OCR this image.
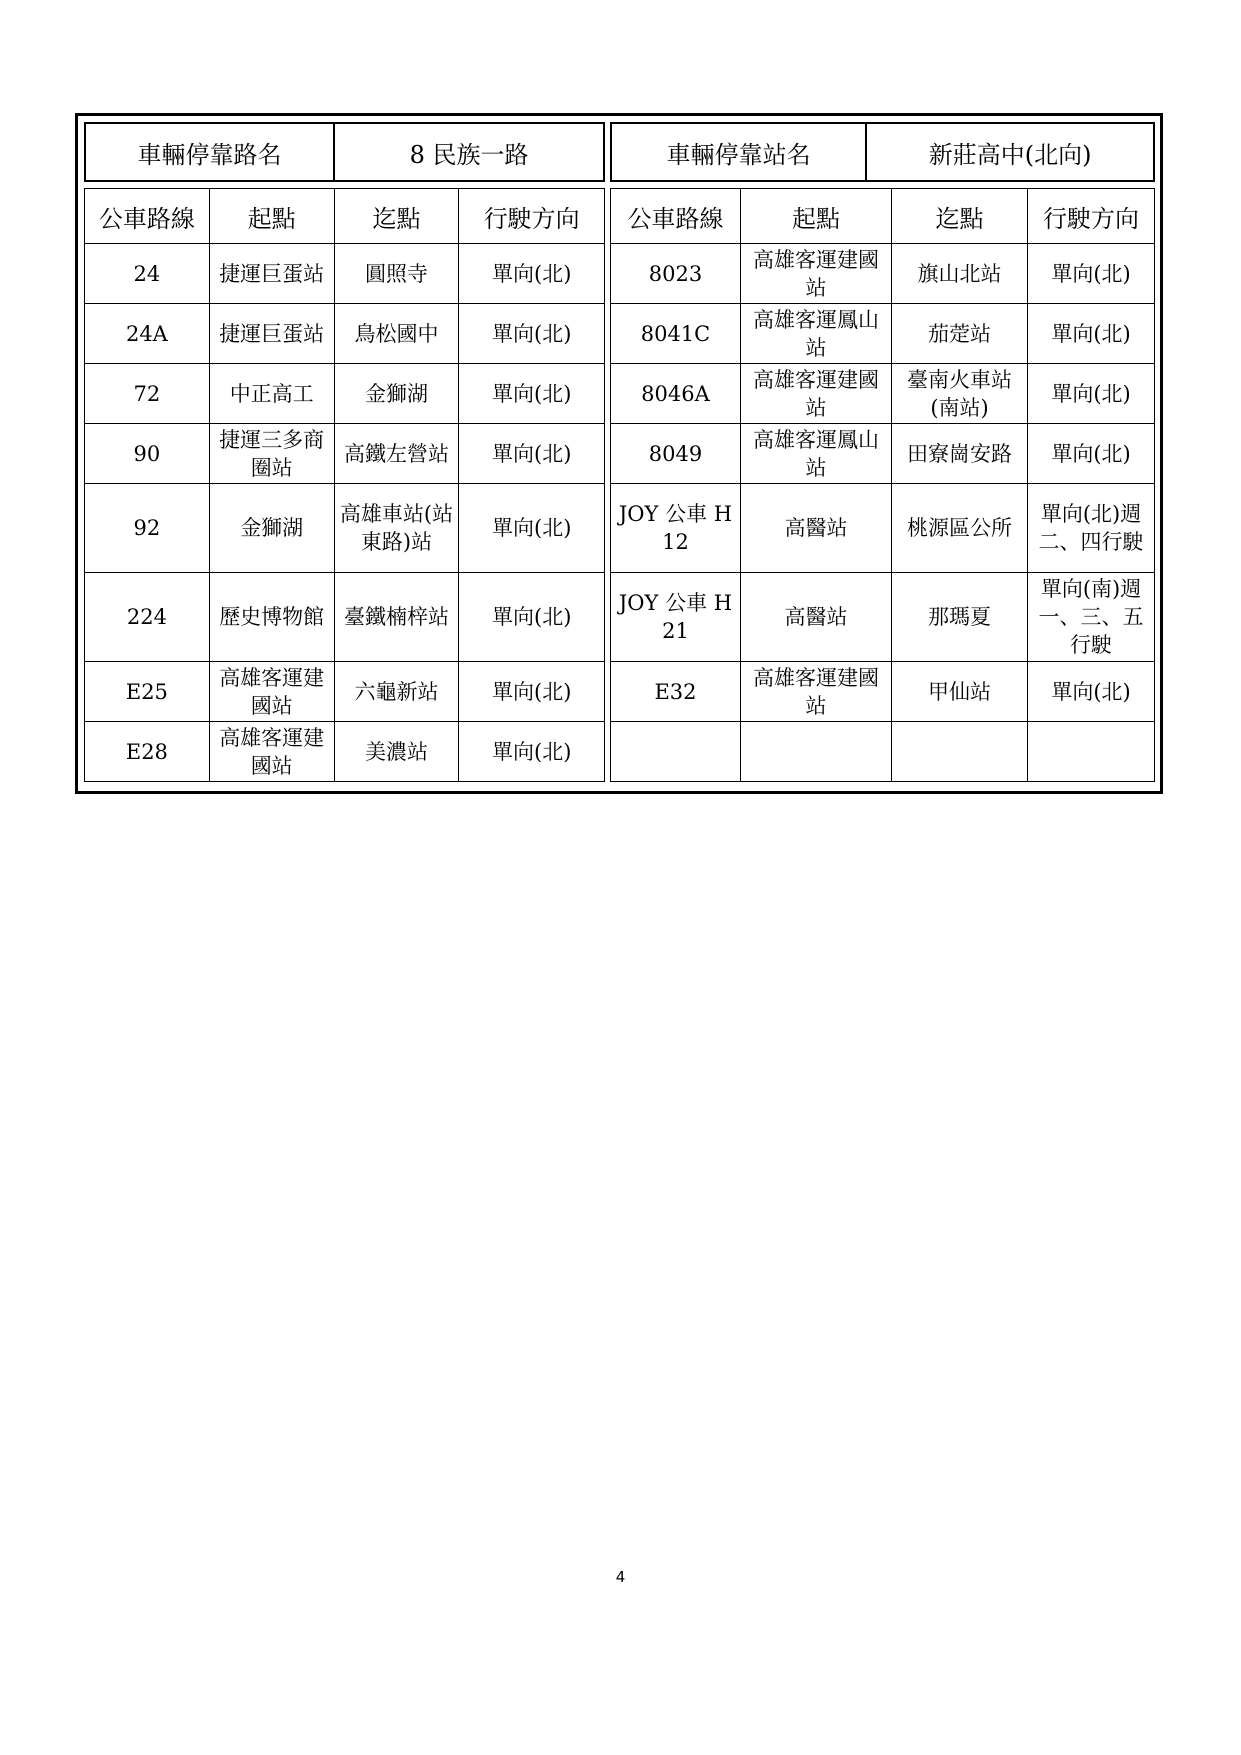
車輛停靠路名	8 民族一路
公車路線	起點	迄點	行駛方向
24	捷運巨蛋站	圓照寺	單向(北)
24A	捷運巨蛋站	鳥松國中	單向(北)
72	中正高工	金獅湖	單向(北)
90	捷運三多商圈站	高鐵左營站	單向(北)
92	金獅湖	高雄車站(站東路)站	單向(北)
224	歷史博物館	臺鐵楠梓站	單向(北)
E25	高雄客運建國站	六龜新站	單向(北)
E28	高雄客運建國站	美濃站	單向(北)
車輛停靠站名	新莊高中(北向)
公車路線	起點	迄點	行駛方向
8023	高雄客運建國站	旗山北站	單向(北)
8041C	高雄客運鳳山站	茄萣站	單向(北)
8046A	高雄客運建國站	臺南火車站(南站)	單向(北)
8049	高雄客運鳳山站	田寮崗安路	單向(北)
JOY 公車 H12	高醫站	桃源區公所	單向(北)週二、四行駛
JOY 公車 H21	高醫站	那瑪夏	單向(南)週一、三、五行駛
E32	高雄客運建國站	甲仙站	單向(北)

4
